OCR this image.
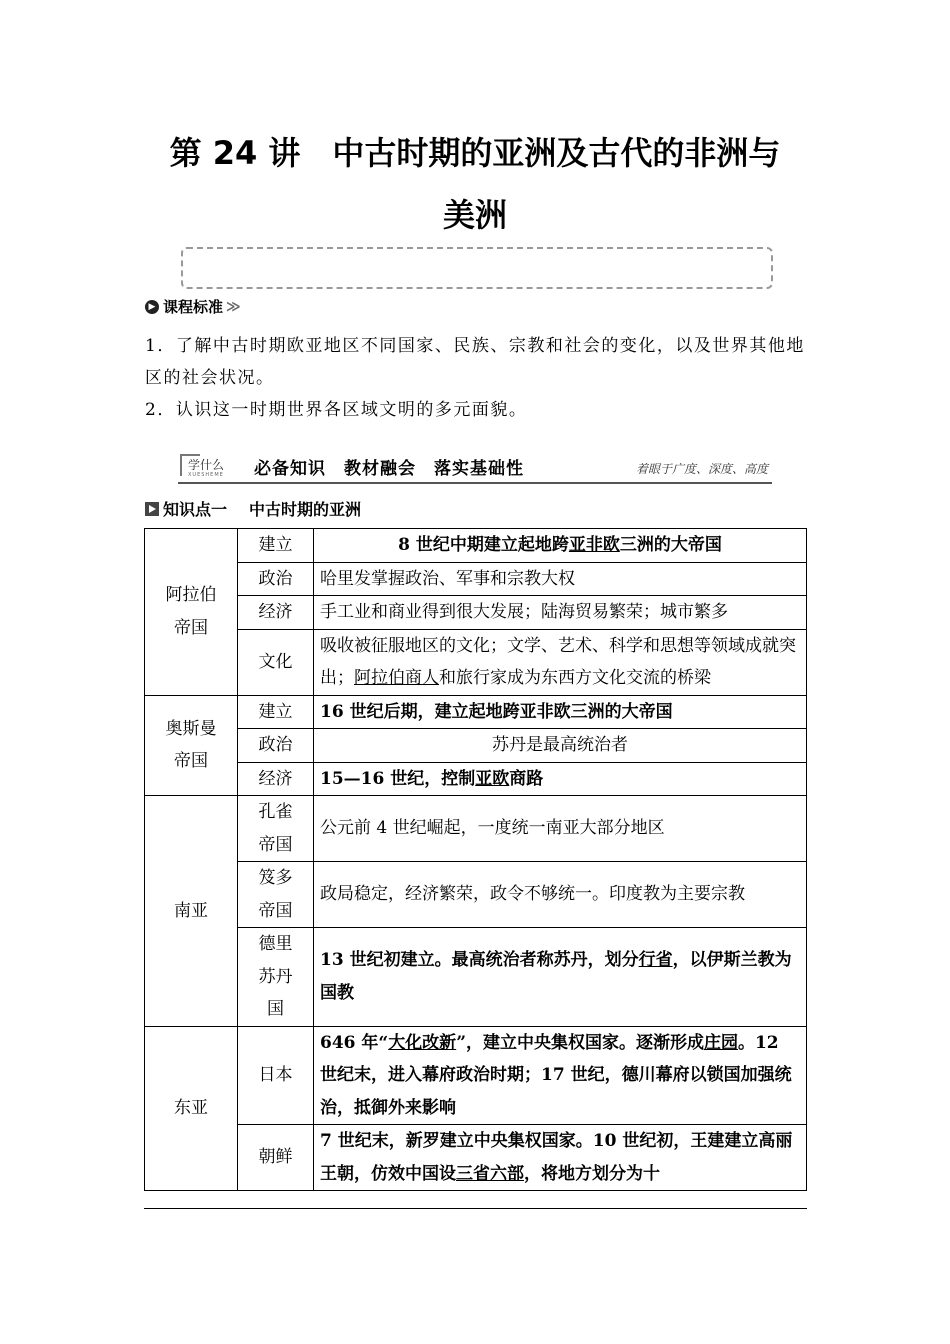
第 24 讲　中古时期的亚洲及古代的非洲与
美洲
▶ 课程标准 ≫
1．了解中古时期欧亚地区不同国家、民族、宗教和社会的变化，以及世界其他地区的社会状况。
2．认识这一时期世界各区域文明的多元面貌。
学什么
XUESHEME 必备知识　教材融会　落实基础性	着眼于广度、深度、高度
知识点一 中古时期的亚洲
阿拉伯帝国	建立	8 世纪中期建立起地跨亚非欧三洲的大帝国
	政治	哈里发掌握政治、军事和宗教大权
	经济	手工业和商业得到很大发展；陆海贸易繁荣；城市繁多
	文化	吸收被征服地区的文化；文学、艺术、科学和思想等领域成就突出；阿拉伯商人和旅行家成为东西方文化交流的桥梁
奥斯曼帝国	建立	16 世纪后期，建立起地跨亚非欧三洲的大帝国
	政治	苏丹是最高统治者
	经济	15—16 世纪，控制亚欧商路
南亚	孔雀帝国	公元前 4 世纪崛起，一度统一南亚大部分地区
	笈多帝国	政局稳定，经济繁荣，政令不够统一。印度教为主要宗教
	德里苏丹国	13 世纪初建立。最高统治者称苏丹，划分行省，以伊斯兰教为国教
东亚	日本	646 年“大化改新”，建立中央集权国家。逐渐形成庄园。12 世纪末，进入幕府政治时期；17 世纪，德川幕府以锁国加强统治，抵御外来影响
	朝鲜	7 世纪末，新罗建立中央集权国家。10 世纪初，王建建立高丽王朝，仿效中国设三省六部，将地方划分为十
